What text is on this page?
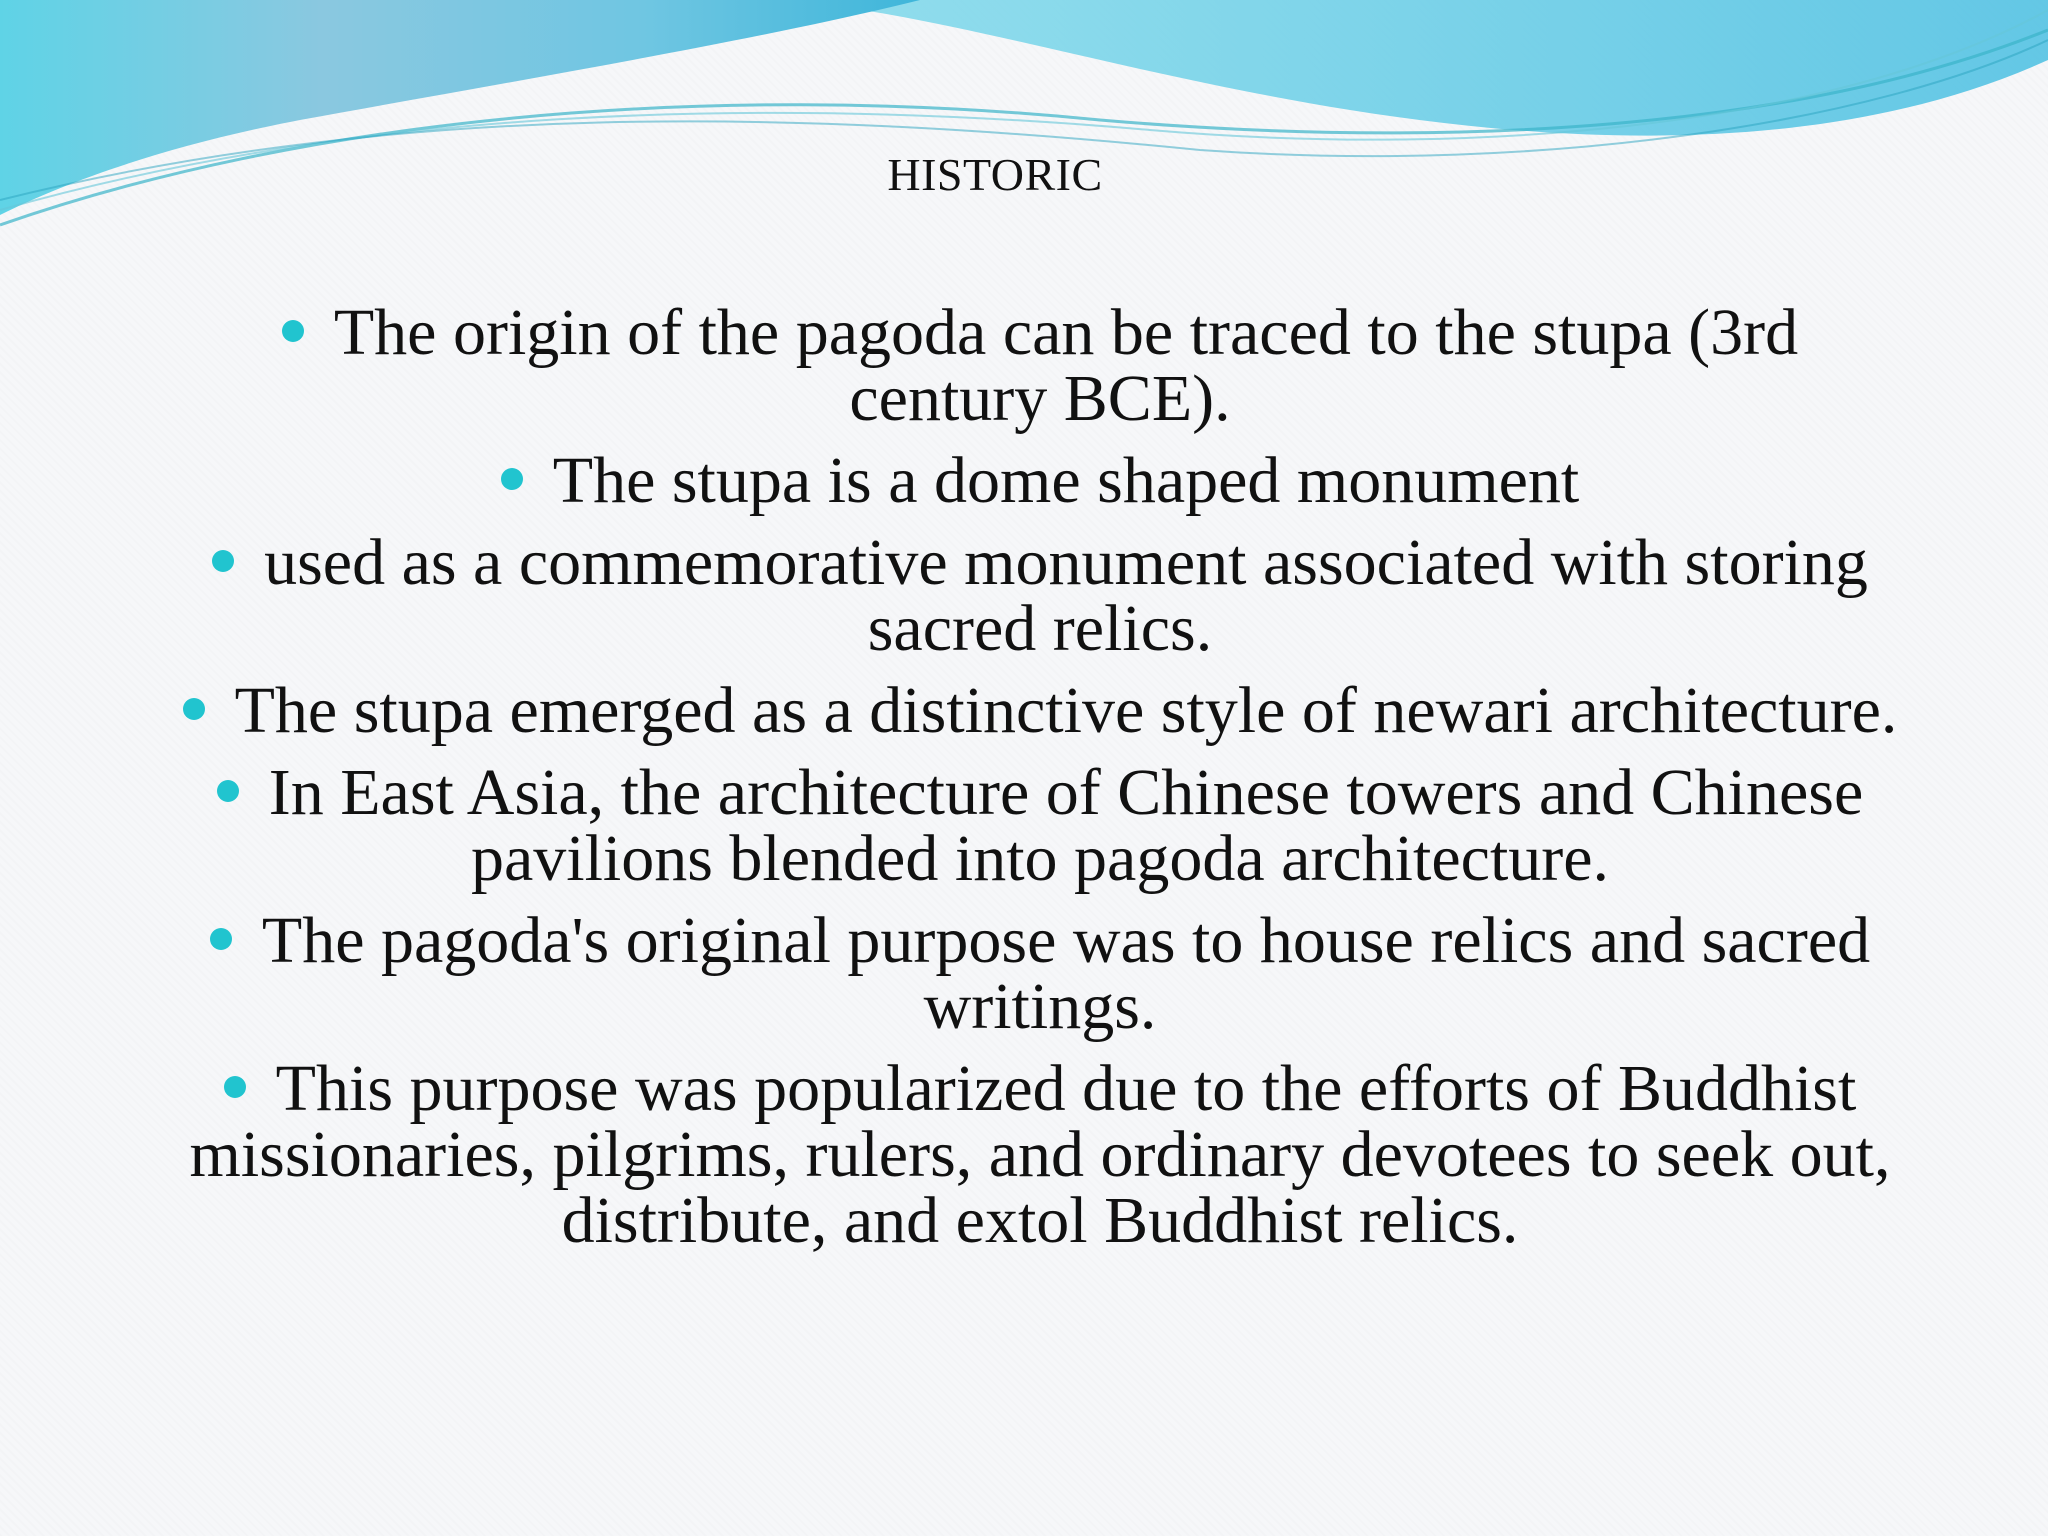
HISTORIC
The origin of the pagoda can be traced to the stupa (3rd century BCE).
The stupa is a dome shaped monument
used as a commemorative monument associated with storing sacred relics.
The stupa emerged as a distinctive style of newari architecture.
In East Asia, the architecture of Chinese towers and Chinese pavilions blended into pagoda architecture.
The pagoda's original purpose was to house relics and sacred writings.
This purpose was popularized due to the efforts of Buddhist missionaries, pilgrims, rulers, and ordinary devotees to seek out, distribute, and extol Buddhist relics.
